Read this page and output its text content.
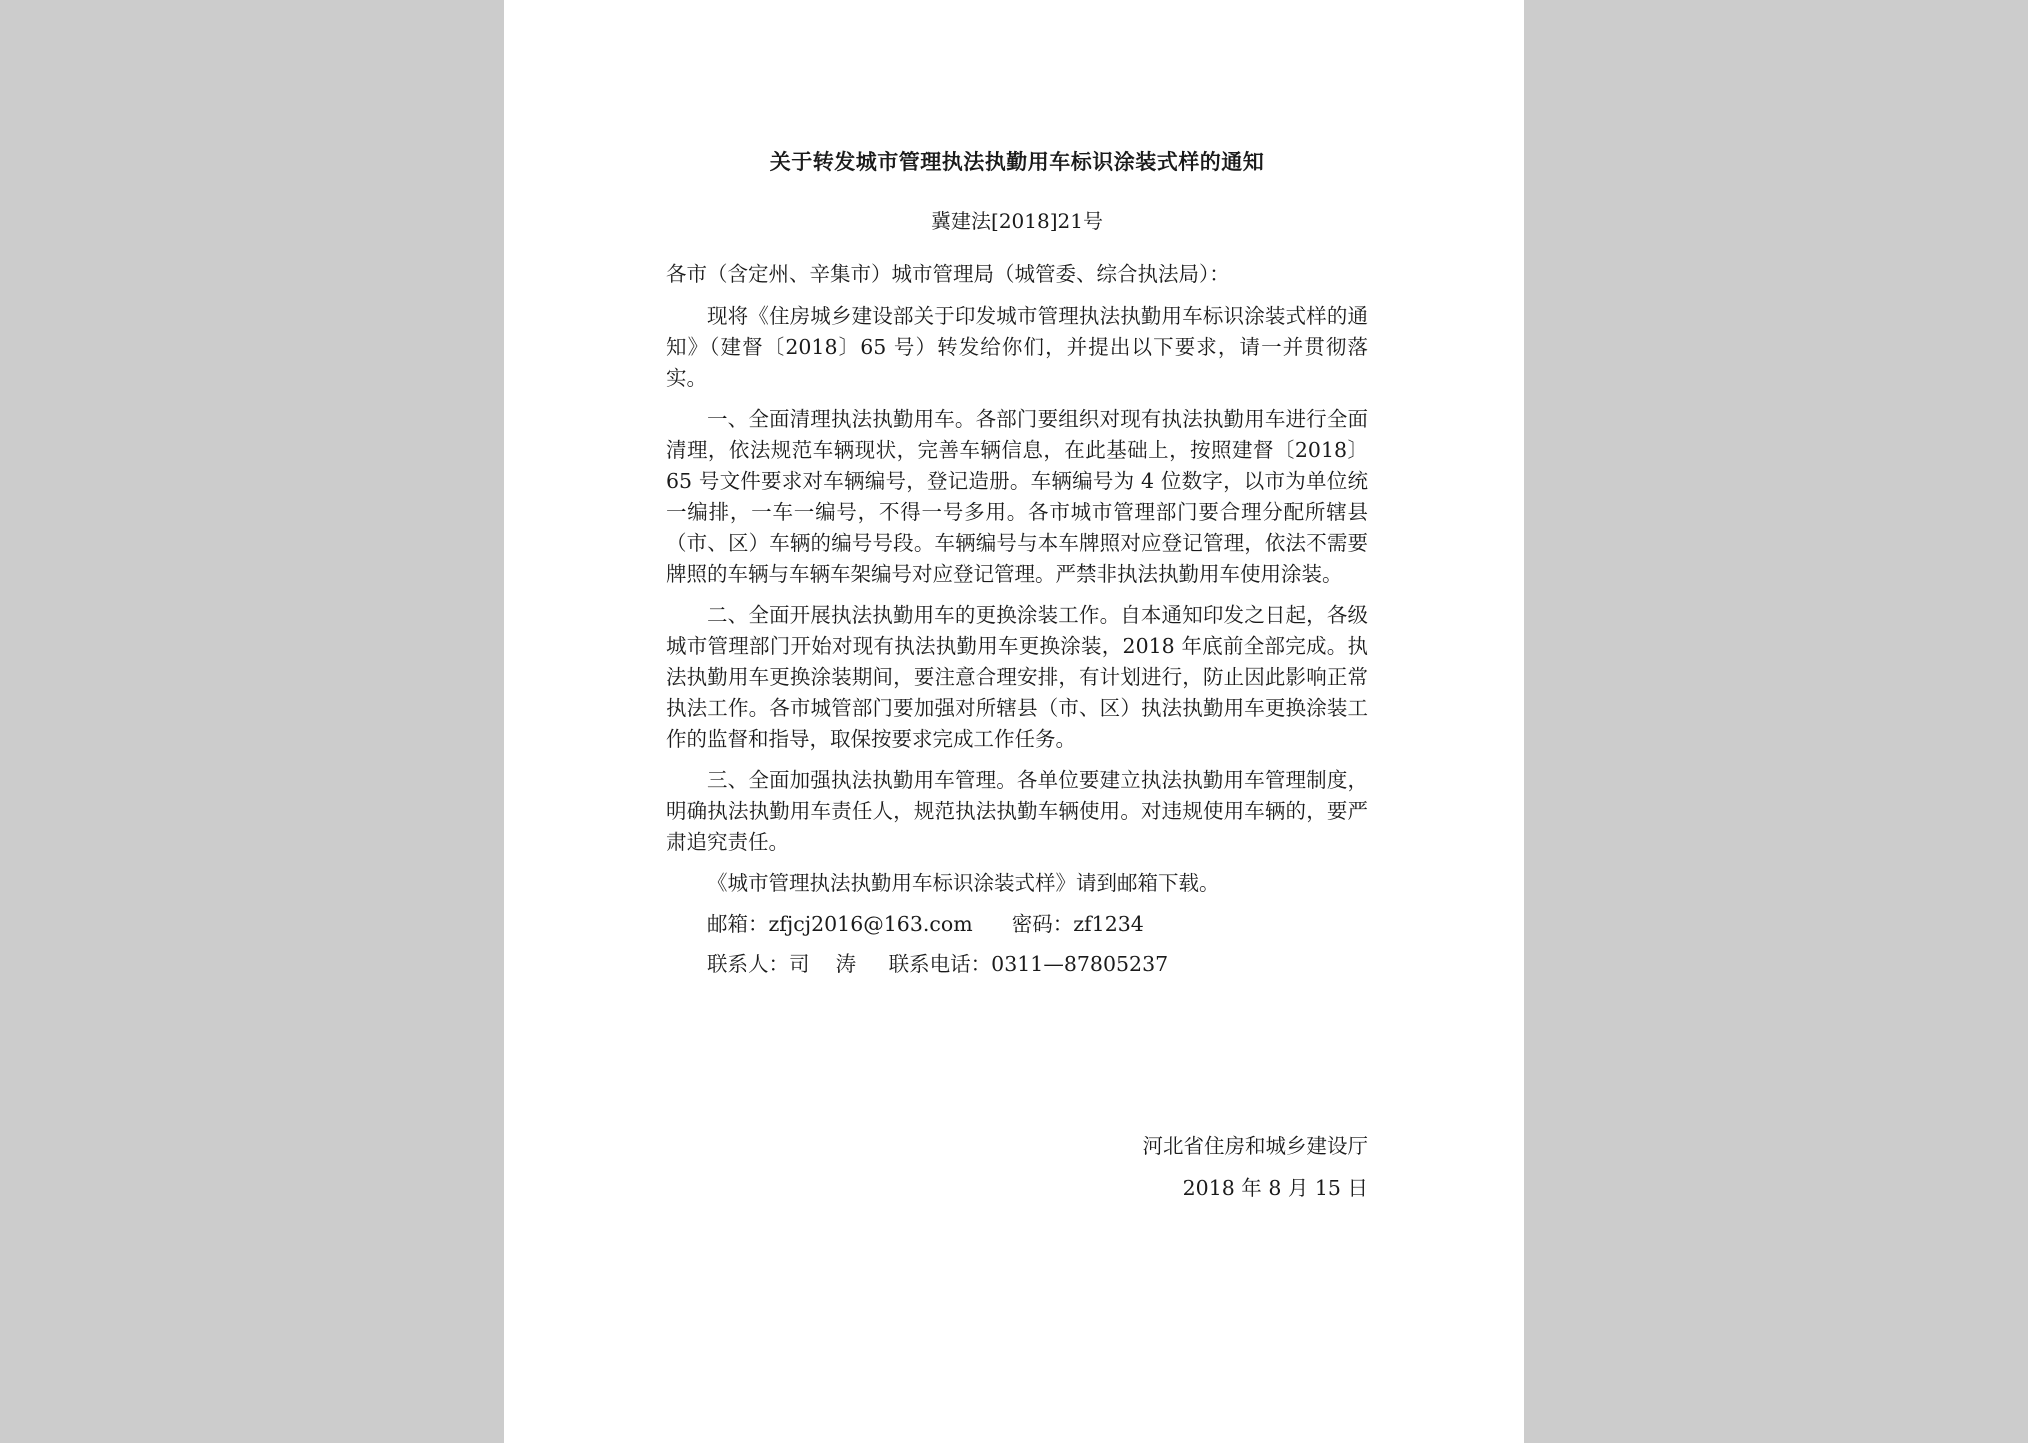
关于转发城市管理执法执勤用车标识涂装式样的通知
冀建法[2018]21号

各市（含定州、辛集市）城市管理局（城管委、综合执法局）：

现将《住房城乡建设部关于印发城市管理执法执勤用车标识涂装式样的通知》（建督〔2018〕65 号）转发给你们，并提出以下要求，请一并贯彻落实。

一、全面清理执法执勤用车。各部门要组织对现有执法执勤用车进行全面清理，依法规范车辆现状，完善车辆信息，在此基础上，按照建督〔2018〕65 号文件要求对车辆编号，登记造册。车辆编号为 4 位数字，以市为单位统一编排，一车一编号，不得一号多用。各市城市管理部门要合理分配所辖县（市、区）车辆的编号号段。车辆编号与本车牌照对应登记管理，依法不需要牌照的车辆与车辆车架编号对应登记管理。严禁非执法执勤用车使用涂装。

二、全面开展执法执勤用车的更换涂装工作。自本通知印发之日起，各级城市管理部门开始对现有执法执勤用车更换涂装，2018 年底前全部完成。执法执勤用车更换涂装期间，要注意合理安排，有计划进行，防止因此影响正常执法工作。各市城管部门要加强对所辖县（市、区）执法执勤用车更换涂装工作的监督和指导，取保按要求完成工作任务。

三、全面加强执法执勤用车管理。各单位要建立执法执勤用车管理制度，明确执法执勤用车责任人，规范执法执勤车辆使用。对违规使用车辆的，要严肃追究责任。

《城市管理执法执勤用车标识涂装式样》请到邮箱下载。

邮箱：zfjcj2016@163.com      密码：zf1234

联系人：司    涛     联系电话：0311—87805237

河北省住房和城乡建设厅
2018 年 8 月 15 日
